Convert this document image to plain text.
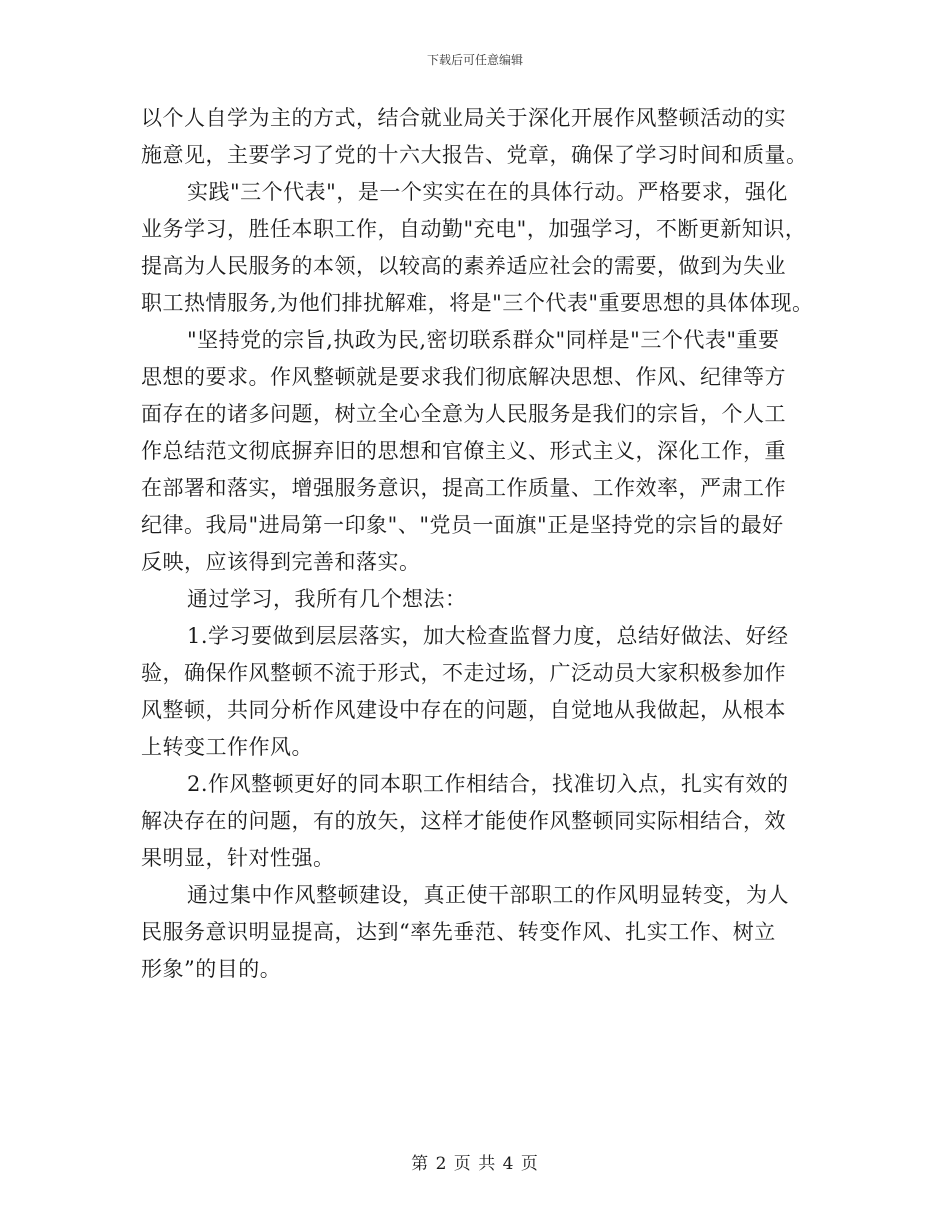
下载后可任意编辑
以个人自学为主的方式，结合就业局关于深化开展作风整顿活动的实
施意见，主要学习了党的十六大报告、党章，确保了学习时间和质量。
实践"三个代表"，是一个实实在在的具体行动。严格要求，强化
业务学习，胜任本职工作，自动勤"充电"，加强学习，不断更新知识，
提高为人民服务的本领，以较高的素养适应社会的需要，做到为失业
职工热情服务,为他们排扰解难，将是"三个代表"重要思想的具体体现。
"坚持党的宗旨,执政为民,密切联系群众"同样是"三个代表"重要
思想的要求。作风整顿就是要求我们彻底解决思想、作风、纪律等方
面存在的诸多问题，树立全心全意为人民服务是我们的宗旨，个人工
作总结范文彻底摒弃旧的思想和官僚主义、形式主义，深化工作，重
在部署和落实，增强服务意识，提高工作质量、工作效率，严肃工作
纪律。我局"进局第一印象"、"党员一面旗"正是坚持党的宗旨的最好
反映，应该得到完善和落实。
通过学习，我所有几个想法：
1.学习要做到层层落实，加大检查监督力度，总结好做法、好经
验，确保作风整顿不流于形式，不走过场，广泛动员大家积极参加作
风整顿，共同分析作风建设中存在的问题，自觉地从我做起，从根本
上转变工作作风。
2.作风整顿更好的同本职工作相结合，找准切入点，扎实有效的
解决存在的问题，有的放矢，这样才能使作风整顿同实际相结合，效
果明显，针对性强。
通过集中作风整顿建设，真正使干部职工的作风明显转变，为人
民服务意识明显提高，达到“率先垂范、转变作风、扎实工作、树立
形象”的目的。
第 2 页 共 4 页
